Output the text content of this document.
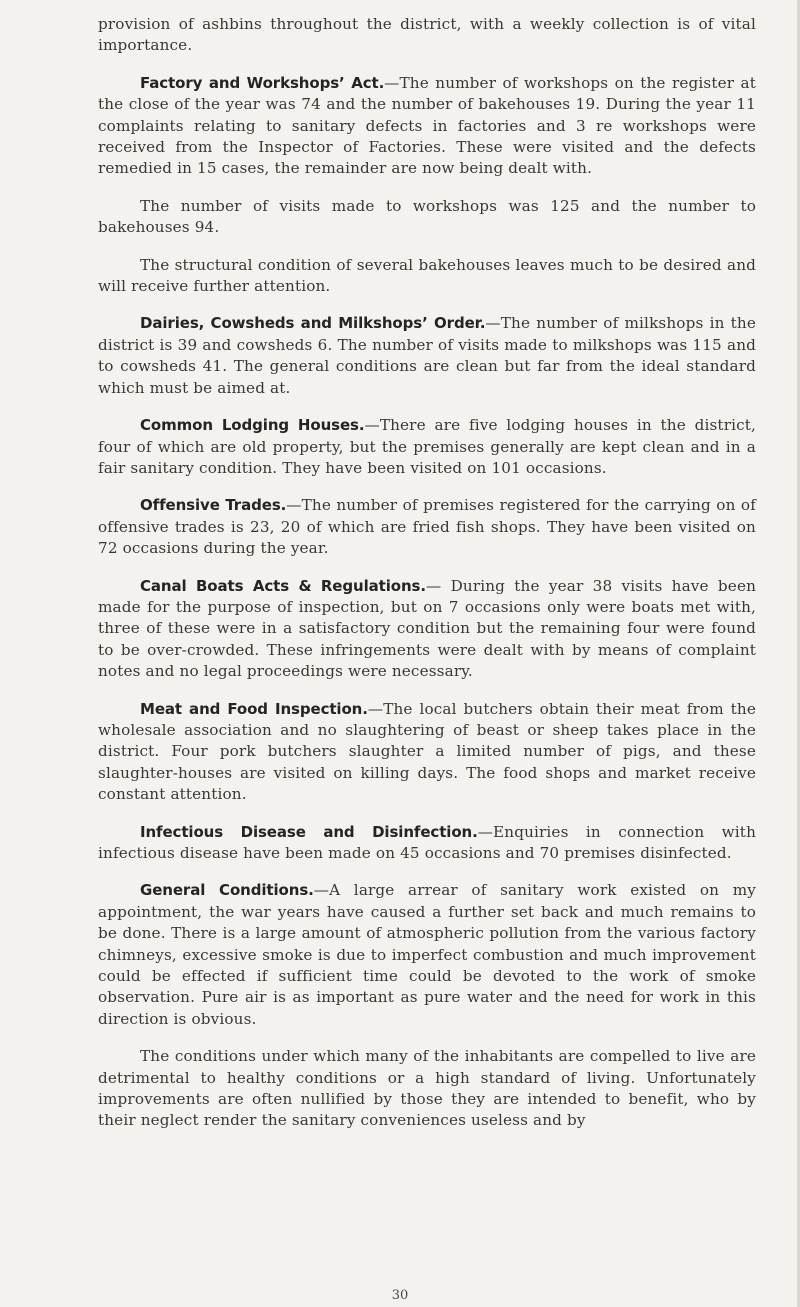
provision of ashbins throughout the district, with a weekly collection is of vital importance.

Factory and Workshops’ Act.—The number of workshops on the register at the close of the year was 74 and the number of bakehouses 19. During the year 11 complaints relating to sanitary defects in factories and 3 re workshops were received from the Inspector of Factories. These were visited and the defects remedied in 15 cases, the remainder are now being dealt with.

The number of visits made to workshops was 125 and the number to bakehouses 94.

The structural condition of several bakehouses leaves much to be desired and will receive further attention.

Dairies, Cowsheds and Milkshops’ Order.—The number of milkshops in the district is 39 and cowsheds 6. The number of visits made to milkshops was 115 and to cowsheds 41. The general conditions are clean but far from the ideal standard which must be aimed at.

Common Lodging Houses.—There are five lodging houses in the district, four of which are old property, but the premises generally are kept clean and in a fair sanitary condition. They have been visited on 101 occasions.

Offensive Trades.—The number of premises registered for the carrying on of offensive trades is 23, 20 of which are fried fish shops. They have been visited on 72 occasions during the year.

Canal Boats Acts & Regulations.— During the year 38 visits have been made for the purpose of inspection, but on 7 occasions only were boats met with, three of these were in a satisfactory condition but the remaining four were found to be over-crowded. These infringements were dealt with by means of complaint notes and no legal proceedings were necessary.

Meat and Food Inspection.—The local butchers obtain their meat from the wholesale association and no slaughtering of beast or sheep takes place in the district. Four pork butchers slaughter a limited number of pigs, and these slaughter-houses are visited on killing days. The food shops and market receive constant attention.

Infectious Disease and Disinfection.—Enquiries in connection with infectious disease have been made on 45 occasions and 70 premises disinfected.

General Conditions.—A large arrear of sanitary work existed on my appointment, the war years have caused a further set back and much remains to be done. There is a large amount of atmospheric pollution from the various factory chimneys, excessive smoke is due to imperfect combustion and much improvement could be effected if sufficient time could be devoted to the work of smoke observation. Pure air is as important as pure water and the need for work in this direction is obvious.

The conditions under which many of the inhabitants are compelled to live are detrimental to healthy conditions or a high standard of living. Unfortunately improvements are often nullified by those they are intended to benefit, who by their neglect render the sanitary conveniences useless and by

30
